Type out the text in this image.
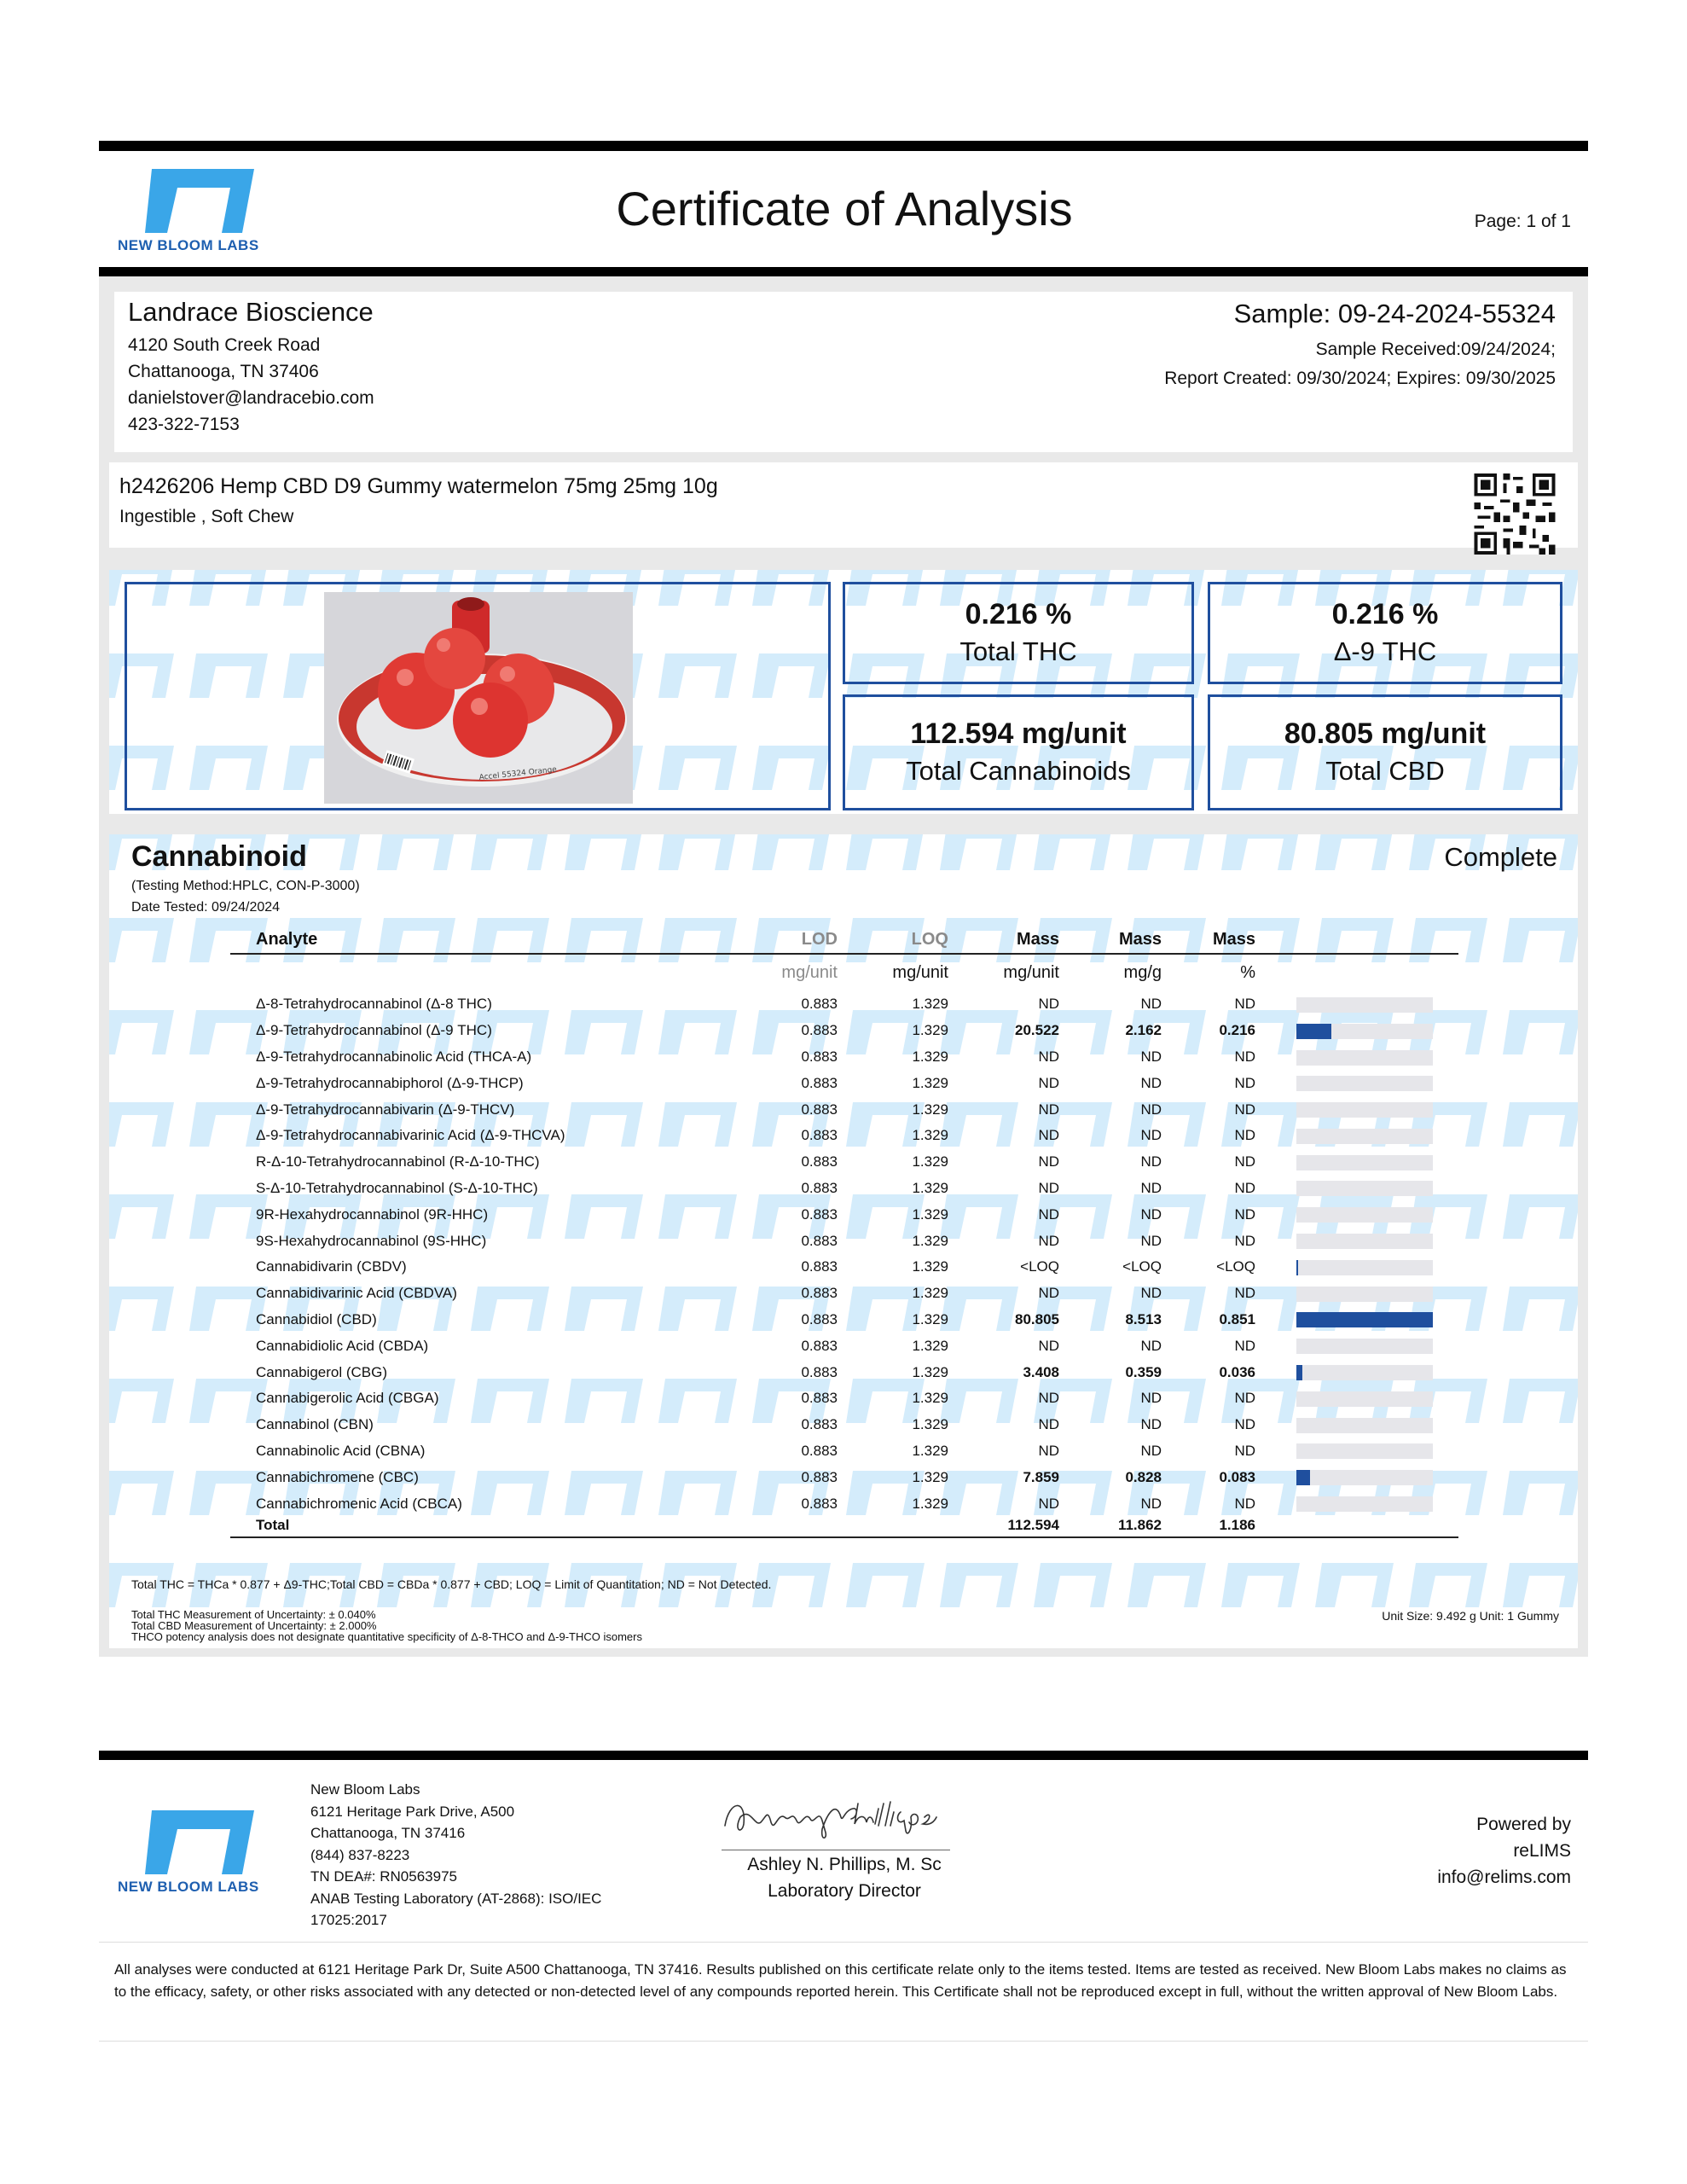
NEW BLOOM LABS
Certificate of Analysis	Page: 1 of 1
Landrace Bioscience
4120 South Creek Road
Chattanooga, TN 37406
danielstover@landracebio.com
423-322-7153
Sample: 09-24-2024-55324
Sample Received:09/24/2024;
Report Created: 09/30/2024; Expires: 09/30/2025
h2426206 Hemp CBD D9 Gummy watermelon 75mg 25mg 10g
Ingestible , Soft Chew
Accel 55324 Orange
0.216 %
Total THC
0.216 %
Δ-9 THC
112.594 mg/unit
Total Cannabinoids
80.805 mg/unit
Total CBD
Cannabinoid	Complete
(Testing Method:HPLC, CON-P-3000)
Date Tested: 09/24/2024
Analyte	LOD	LOQ	Mass	Mass	Mass	
	mg/unit	mg/unit	mg/unit	mg/g	%	
Δ-8-Tetrahydrocannabinol (Δ-8 THC)	0.883	1.329	ND	ND	ND	

Δ-9-Tetrahydrocannabinol (Δ-9 THC)	0.883	1.329	20.522	2.162	0.216	

Δ-9-Tetrahydrocannabinolic Acid (THCA-A)	0.883	1.329	ND	ND	ND	

Δ-9-Tetrahydrocannabiphorol (Δ-9-THCP)	0.883	1.329	ND	ND	ND	

Δ-9-Tetrahydrocannabivarin (Δ-9-THCV)	0.883	1.329	ND	ND	ND	

Δ-9-Tetrahydrocannabivarinic Acid (Δ-9-THCVA)	0.883	1.329	ND	ND	ND	

R-Δ-10-Tetrahydrocannabinol (R-Δ-10-THC)	0.883	1.329	ND	ND	ND	

S-Δ-10-Tetrahydrocannabinol (S-Δ-10-THC)	0.883	1.329	ND	ND	ND	

9R-Hexahydrocannabinol (9R-HHC)	0.883	1.329	ND	ND	ND	

9S-Hexahydrocannabinol (9S-HHC)	0.883	1.329	ND	ND	ND	

Cannabidivarin (CBDV)	0.883	1.329	<LOQ	<LOQ	<LOQ	

Cannabidivarinic Acid (CBDVA)	0.883	1.329	ND	ND	ND	

Cannabidiol (CBD)	0.883	1.329	80.805	8.513	0.851	

Cannabidiolic Acid (CBDA)	0.883	1.329	ND	ND	ND	

Cannabigerol (CBG)	0.883	1.329	3.408	0.359	0.036	

Cannabigerolic Acid (CBGA)	0.883	1.329	ND	ND	ND	

Cannabinol (CBN)	0.883	1.329	ND	ND	ND	

Cannabinolic Acid (CBNA)	0.883	1.329	ND	ND	ND	

Cannabichromene (CBC)	0.883	1.329	7.859	0.828	0.083	

Cannabichromenic Acid (CBCA)	0.883	1.329	ND	ND	ND	

Total			112.594	11.862	1.186	
Total THC = THCa * 0.877 + Δ9-THC;Total CBD = CBDa * 0.877 + CBD; LOQ = Limit of Quantitation; ND = Not Detected.
Total THC Measurement of Uncertainty: ± 0.040%
Total CBD Measurement of Uncertainty: ± 2.000%
THCO potency analysis does not designate quantitative specificity of Δ-8-THCO and Δ-9-THCO isomers
Unit Size: 9.492 g Unit: 1 Gummy
NEW BLOOM LABS
New Bloom Labs
6121 Heritage Park Drive, A500
Chattanooga, TN 37416
(844) 837-8223
TN DEA#: RN0563975
ANAB Testing Laboratory (AT-2868): ISO/IEC
17025:2017
Ashley N. Phillips, M. Sc
Laboratory Director
Powered by
reLIMS
info@relims.com
All analyses were conducted at 6121 Heritage Park Dr, Suite A500 Chattanooga, TN 37416. Results published on this certificate relate only to the items tested. Items are tested as received. New Bloom Labs makes no claims as to the efficacy, safety, or other risks associated with any detected or non-detected level of any compounds reported herein. This Certificate shall not be reproduced except in full, without the written approval of New Bloom Labs.
